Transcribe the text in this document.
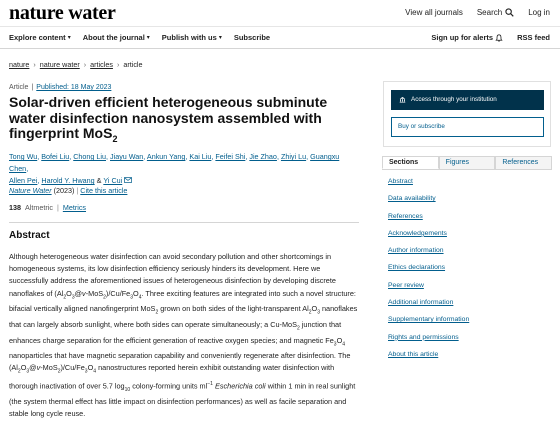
nature water	View all journals Search	Log in
Explore content ▾ About the journal ▾ Publish with us ▾ Subscribe	Sign up for alerts	RSS feed
nature › nature water › articles › article
Article | Published: 18 May 2023
Solar-driven efficient heterogeneous subminute water disinfection nanosystem assembled with fingerprint MoS$_2$
Tong Wu, Bofei Liu, Chong Liu, Jiayu Wan, Ankun Yang, Kai Liu, Feifei Shi, Jie Zhao, Zhiyi Lu, Guangxu Chen,
Allen Pei, Harold Y. Hwang & Yi Cui
Nature Water (2023) | Cite this article
138 Altmetric | Metrics
Abstract

Although heterogeneous water disinfection can avoid secondary pollution and other shortcomings in homogeneous systems, its low disinfection efficiency seriously hinders its development. Here we successfully address the aforementioned issues of heterogeneous disinfection by developing discrete nanoflakes of $(Al_2O_3@v-MoS_2)/Cu/Fe_3O_4$. Three exciting features are integrated into such a novel structure: bifacial vertically aligned nanofingerprint MoS$_2$ grown on both sides of the light-transparent $Al_2O_3$ nanoflakes that can largely absorb sunlight, where both sides can operate simultaneously; a Cu-MoS$_2$ junction that enhances charge separation for the efficient generation of reactive oxygen species; and magnetic $Fe_3O_4$ nanoparticles that have magnetic separation capability and conveniently regenerate after disinfection. The $(Al_2O_3@v-MoS_2)/Cu/Fe_3O_4$ nanostructures reported herein exhibit outstanding water disinfection with thorough inactivation of over 5.7 $\log_{10}$ colony-forming units $ml^{-1}$ Escherichia coli within 1 min in real sunlight (the system thermal effect has little impact on disinfection performances) as well as facile separation and stable long cycle reuse.

Access through your institution
Buy or subscribe
Sections	Figures	References
Abstract
Data availability
References
Acknowledgements
Author information
Ethics declarations
Peer review
Additional information
Supplementary information
Rights and permissions
About this article
